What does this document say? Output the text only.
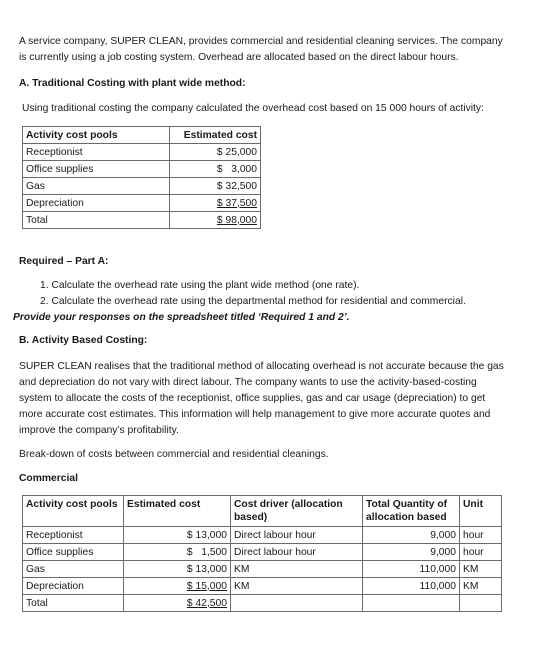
A service company, SUPER CLEAN, provides commercial and residential cleaning services. The company
is currently using a job costing system. Overhead are allocated based on the direct labour hours.
A. Traditional Costing with plant wide method:
Using traditional costing the company calculated the overhead cost based on 15 000 hours of activity:
Activity cost pools	Estimated cost
Receptionist	$ 25,000
Office supplies	$   3,000
Gas	$ 32,500
Depreciation	$ 37,500
Total	$ 98,000
Required – Part A:
1. Calculate the overhead rate using the plant wide method (one rate).
2. Calculate the overhead rate using the departmental method for residential and commercial.
Provide your responses on the spreadsheet titled ‘Required 1 and 2’.
B. Activity Based Costing:
SUPER CLEAN realises that the traditional method of allocating overhead is not accurate because the gas
and depreciation do not vary with direct labour. The company wants to use the activity-based-costing
system to allocate the costs of the receptionist, office supplies, gas and car usage (depreciation) to get
more accurate cost estimates. This information will help management to give more accurate quotes and
improve the company’s profitability.
Break-down of costs between commercial and residential cleanings.
Commercial
Activity cost pools	Estimated cost	Cost driver (allocation based)	Total Quantity of allocation based	Unit
Receptionist	$ 13,000	Direct labour hour	9,000	hour
Office supplies	$   1,500	Direct labour hour	9,000	hour
Gas	$ 13,000	KM	110,000	KM
Depreciation	$ 15,000	KM	110,000	KM
Total	$ 42,500			
